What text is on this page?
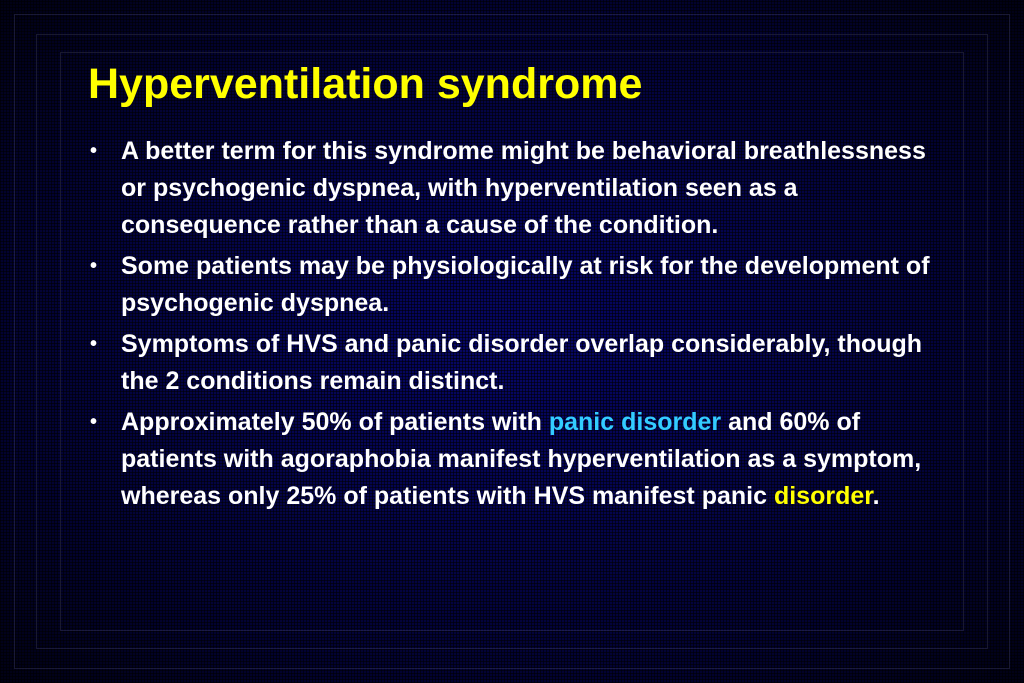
Hyperventilation syndrome
• A better term for this syndrome might be behavioral breathlessness or psychogenic dyspnea, with hyperventilation seen as a consequence rather than a cause of the condition.
• Some patients may be physiologically at risk for the development of psychogenic dyspnea.
• Symptoms of HVS and panic disorder overlap considerably, though the 2 conditions remain distinct.
• Approximately 50% of patients with panic disorder and 60% of patients with agoraphobia manifest hyperventilation as a symptom, whereas only 25% of patients with HVS manifest panic disorder.
